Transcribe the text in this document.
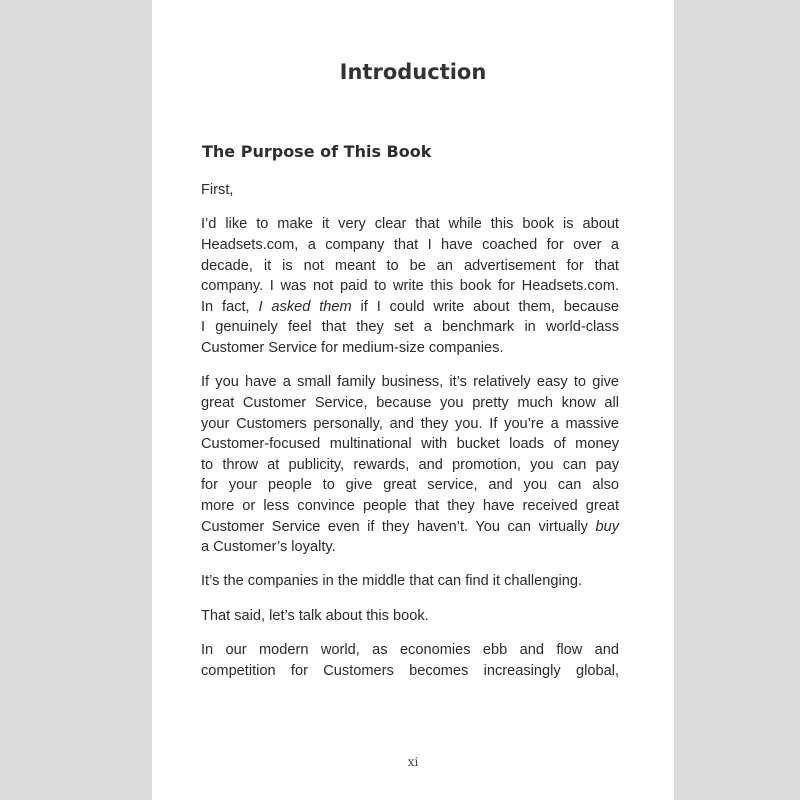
Introduction
The Purpose of This Book

First,

I’d like to make it very clear that while this book is about
Headsets.com, a company that I have coached for over a
decade, it is not meant to be an advertisement for that
company. I was not paid to write this book for Headsets.com.
In fact, I asked them if I could write about them, because
I genuinely feel that they set a benchmark in world-class
Customer Service for medium-size companies.

If you have a small family business, it’s relatively easy to give
great Customer Service, because you pretty much know all
your Customers personally, and they you. If you’re a massive
Customer-focused multinational with bucket loads of money
to throw at publicity, rewards, and promotion, you can pay
for your people to give great service, and you can also
more or less convince people that they have received great
Customer Service even if they haven’t. You can virtually buy
a Customer’s loyalty.

It’s the companies in the middle that can find it challenging.

That said, let’s talk about this book.

In our modern world, as economies ebb and flow and
competition for Customers becomes increasingly global,

xi
